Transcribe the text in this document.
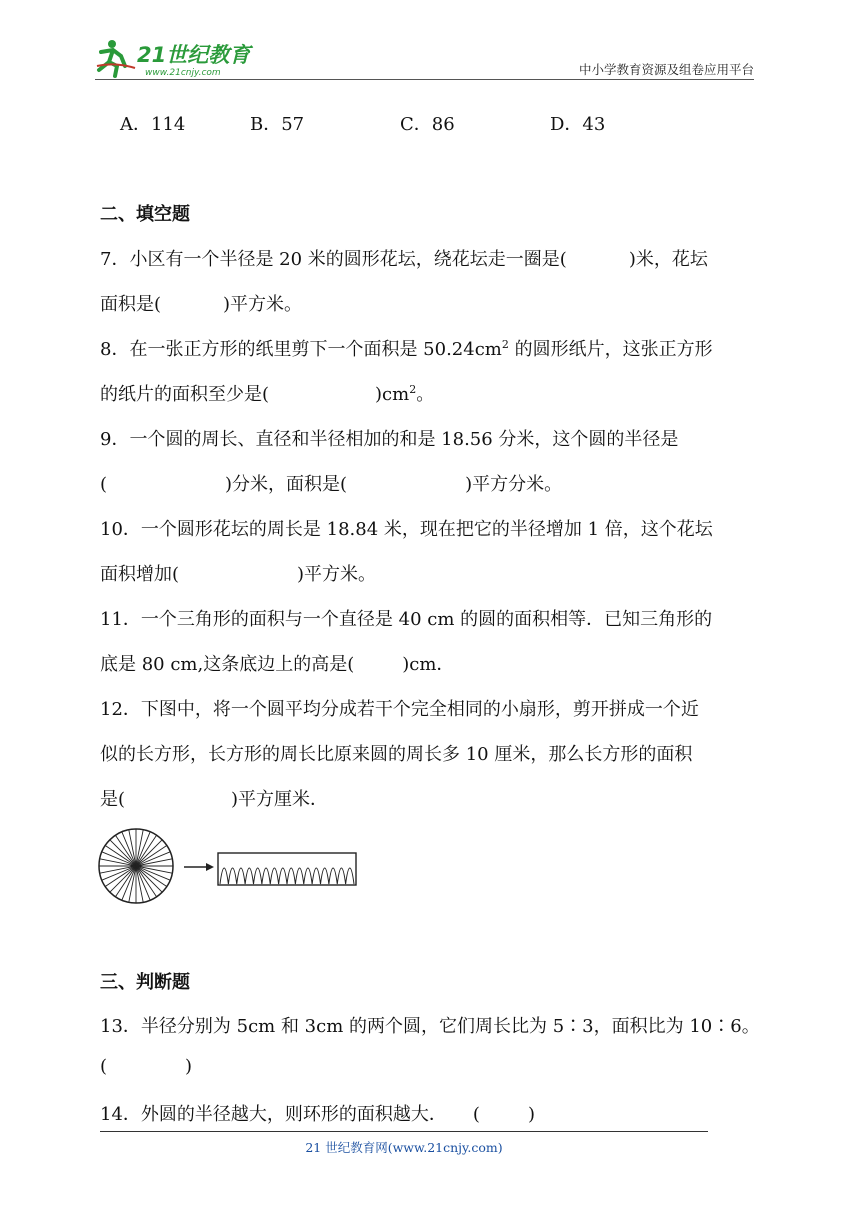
21世纪教育
www.21cnjy.com	中小学教育资源及组卷应用平台
A．114	B．57	C．86	D．43
二、填空题
7．小区有一个半径是 20 米的圆形花坛，绕花坛走一圈是(	)米，花坛
面积是(	)平方米。
8．在一张正方形的纸里剪下一个面积是 $50.24cm^2$ 的圆形纸片，这张正方形
的纸片的面积至少是(	)$cm^2$。
9．一个圆的周长、直径和半径相加的和是 18.56 分米，这个圆的半径是
(	)分米，面积是(	)平方分米。
10．一个圆形花坛的周长是 18.84 米，现在把它的半径增加 1 倍，这个花坛
面积增加(	)平方米。
11．一个三角形的面积与一个直径是 40 cm 的圆的面积相等．已知三角形的
底是 80 cm,这条底边上的高是(	)cm．
12．下图中，将一个圆平均分成若干个完全相同的小扇形，剪开拼成一个近
似的长方形，长方形的周长比原来圆的周长多 10 厘米，那么长方形的面积
是(	)平方厘米．
三、判断题
13．半径分别为 5cm 和 3cm 的两个圆，它们周长比为 5∶3，面积比为 10∶6。
(	)
14．外圆的半径越大，则环形的面积越大． (	)
21 世纪教育网(www.21cnjy.com)
